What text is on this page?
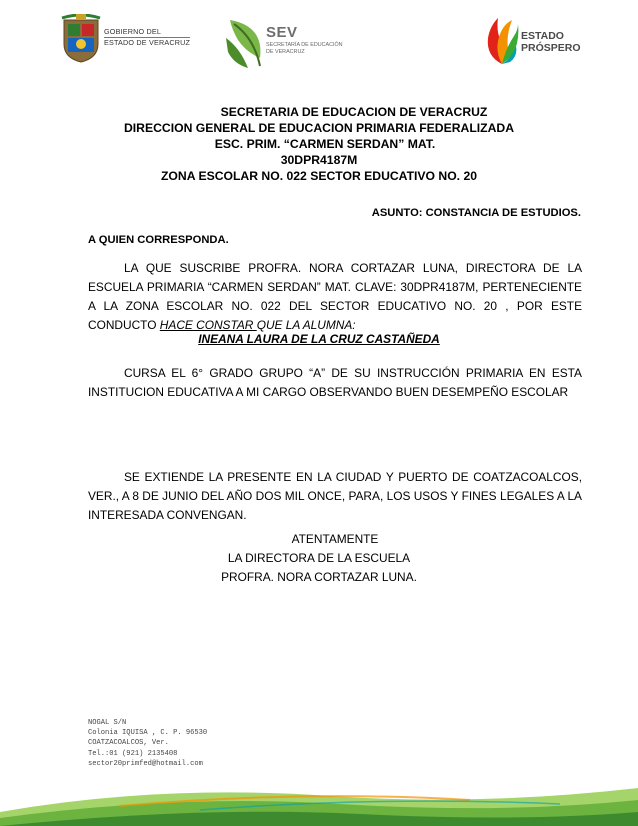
GOBIERNO DEL
ESTADO DE VERACRUZ
SEV
SECRETARÍA DE EDUCACIÓN
DE VERACRUZ
ESTADO
PRÓSPERO
SECRETARIA DE EDUCACION DE VERACRUZ
DIRECCION GENERAL DE EDUCACION PRIMARIA FEDERALIZADA
ESC. PRIM. “CARMEN SERDAN” MAT.
30DPR4187M
ZONA ESCOLAR NO. 022 SECTOR EDUCATIVO NO. 20
ASUNTO: CONSTANCIA DE ESTUDIOS.
A QUIEN CORRESPONDA.
LA QUE SUSCRIBE PROFRA. NORA CORTAZAR LUNA, DIRECTORA DE LA ESCUELA PRIMARIA “CARMEN SERDAN” MAT. CLAVE: 30DPR4187M, PERTENECIENTE A LA ZONA ESCOLAR NO. 022 DEL SECTOR EDUCATIVO NO. 20 , POR ESTE CONDUCTO HACE CONSTAR QUE LA ALUMNA:
INEANA LAURA DE LA CRUZ CASTAÑEDA
CURSA EL 6° GRADO GRUPO “A” DE SU INSTRUCCIÓN PRIMARIA EN ESTA INSTITUCION EDUCATIVA A MI CARGO OBSERVANDO BUEN DESEMPEÑO ESCOLAR
SE EXTIENDE LA PRESENTE EN LA CIUDAD Y PUERTO DE COATZACOALCOS, VER., A 8 DE JUNIO DEL AÑO DOS MIL ONCE, PARA, LOS USOS Y FINES LEGALES A LA INTERESADA CONVENGAN.
ATENTAMENTE
LA DIRECTORA DE LA ESCUELA
PROFRA. NORA CORTAZAR LUNA.
NOGAL S/N
Colonia IQUISA , C. P. 96530
COATZACOALCOS, Ver.
Tel.:01 (921) 2135408
sector20primfed@hotmail.com
